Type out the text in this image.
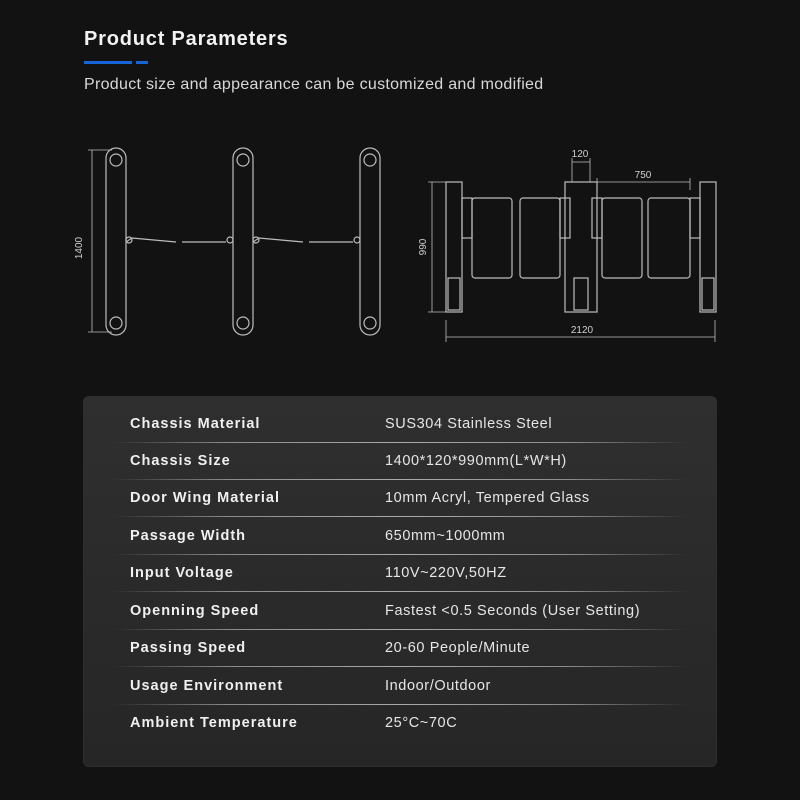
Product Parameters
Product size and appearance can be customized and modified
1400	990
120
750
2120
Chassis Material	SUS304 Stainless Steel
Chassis Size	1400*120*990mm(L*W*H)
Door Wing Material	10mm Acryl, Tempered Glass
Passage Width	650mm~1000mm
Input Voltage	110V~220V,50HZ
Openning Speed	Fastest <0.5 Seconds (User Setting)
Passing Speed	20-60 People/Minute
Usage Environment	Indoor/Outdoor
Ambient Temperature	25°C~70C
